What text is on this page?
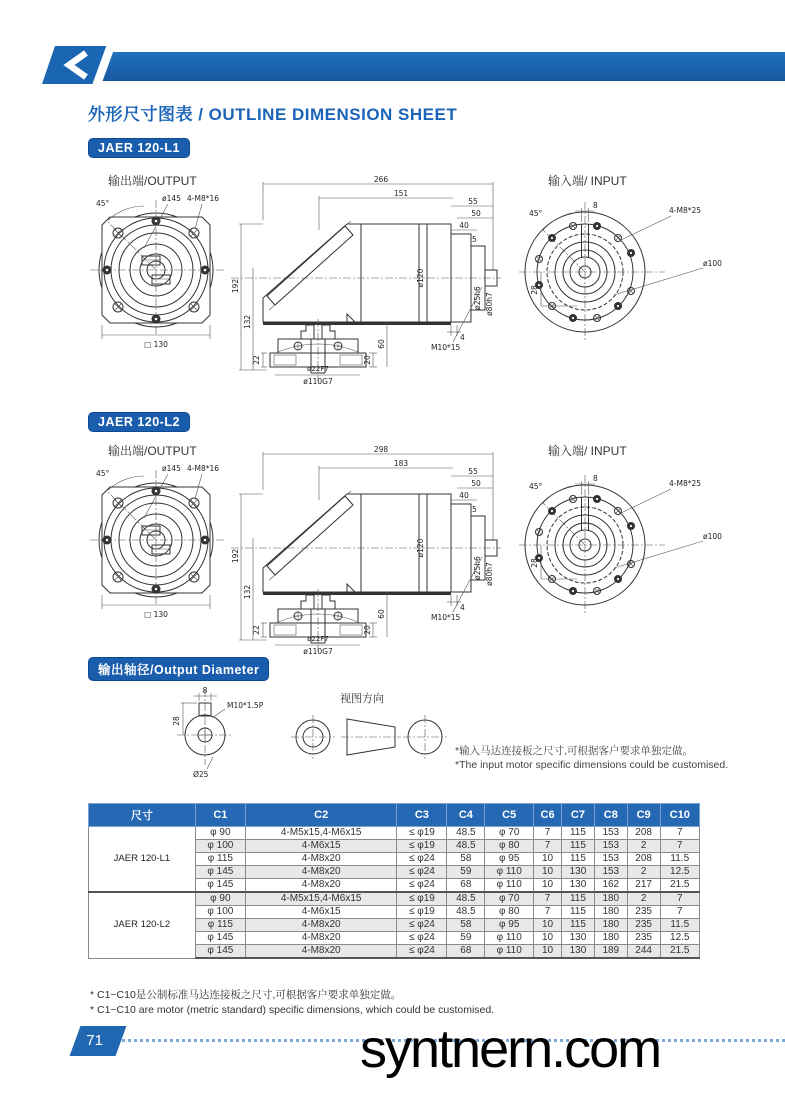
外形尺寸图表 / OUTLINE DIMENSION SHEET
JAER 120-L1
输出端/OUTPUT	输入端/ INPUT
45°
ø145 4-M8*16
□ 130
266
151
55
50
40
ø120
5
ø25h6 ø80h7
M10*15
4
192
132
22	20
60
ø22F7
ø110G7
8
45°	4-M8*25
ø100
28
JAER 120-L2
输出端/OUTPUT	输入端/ INPUT
45°
ø145 4-M8*16
□ 130
298
183
55
50
40
ø120
5
ø25h6 ø80h7
M10*15
4
192
132
22	20
60
ø22F7
ø110G7
8
45°	4-M8*25
ø100
28
输出轴径/Output Diameter
8
M10*1.5P
28
Ø25
视图方向
*输入马达连接板之尺寸,可根据客户要求单独定做。
*The input motor specific dimensions could be customised.
尺寸	C1	C2	C3	C4	C5	C6	C7	C8	C9	C10
JAER 120-L1	φ 90	4-M5x15,4-M6x15	≤ φ19	48.5	φ 70	7	115	153	208	7
	φ 100	4-M6x15	≤ φ19	48.5	φ 80	7	115	153	2	7
	φ 115	4-M8x20	≤ φ24	58	φ 95	10	115	153	208	11.5
	φ 145	4-M8x20	≤ φ24	59	φ 110	10	130	153	2	12.5
	φ 145	4-M8x20	≤ φ24	68	φ 110	10	130	162	217	21.5
JAER 120-L2	φ 90	4-M5x15,4-M6x15	≤ φ19	48.5	φ 70	7	115	180	2	7
	φ 100	4-M6x15	≤ φ19	48.5	φ 80	7	115	180	235	7
	φ 115	4-M8x20	≤ φ24	58	φ 95	10	115	180	235	11.5
	φ 145	4-M8x20	≤ φ24	59	φ 110	10	130	180	235	12.5
	φ 145	4-M8x20	≤ φ24	68	φ 110	10	130	189	244	21.5
* C1~C10是公制标准马达连接板之尺寸,可根据客户要求单独定做。
* C1~C10 are motor (metric standard) specific dimensions, which could be customised.
71	syntnern.com
